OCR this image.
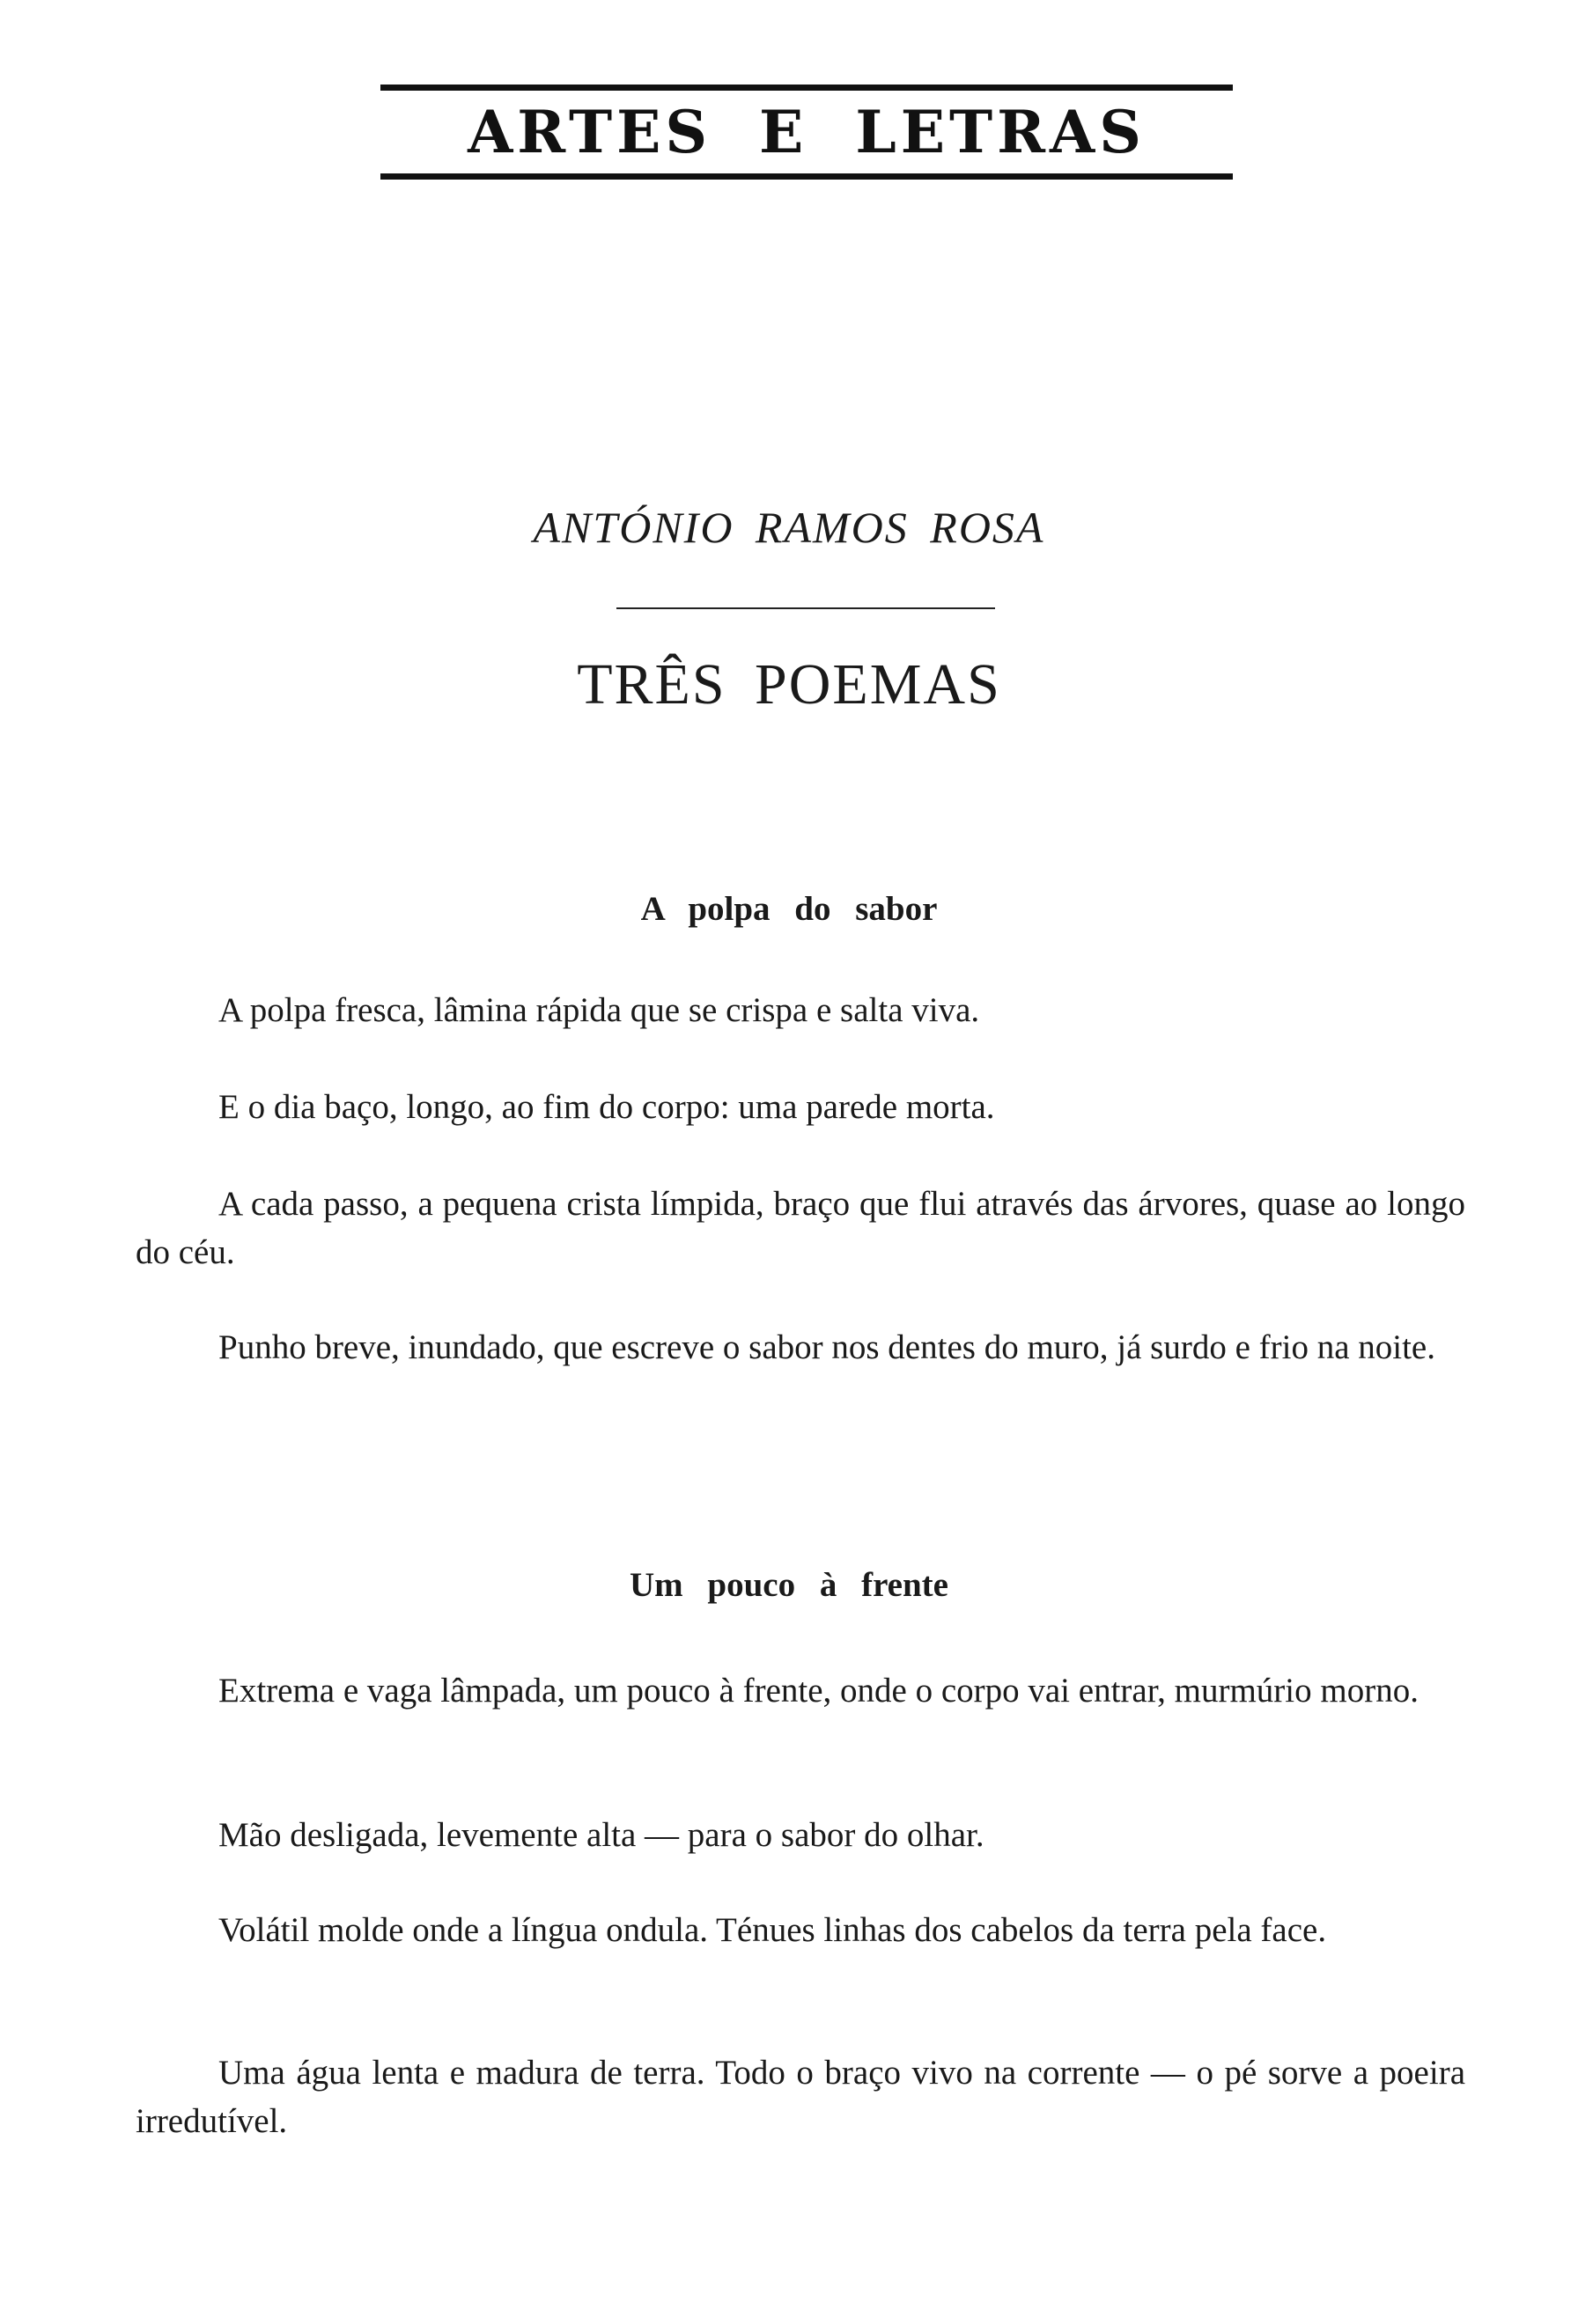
ARTES E LETRAS
ANTÓNIO RAMOS ROSA
TRÊS POEMAS
A polpa do sabor

A polpa fresca, lâmina rápida que se crispa e salta viva.

E o dia baço, longo, ao fim do corpo: uma parede morta.

A cada passo, a pequena crista límpida, braço que flui através das árvores, quase ao longo do céu.

Punho breve, inundado, que escreve o sabor nos dentes do muro, já surdo e frio na noite.

Um pouco à frente

Extrema e vaga lâmpada, um pouco à frente, onde o corpo vai entrar, murmúrio morno.

Mão desligada, levemente alta — para o sabor do olhar.

Volátil molde onde a língua ondula. Ténues linhas dos cabelos da terra pela face.

Uma água lenta e madura de terra. Todo o braço vivo na corrente — o pé sorve a poeira irredutível.
